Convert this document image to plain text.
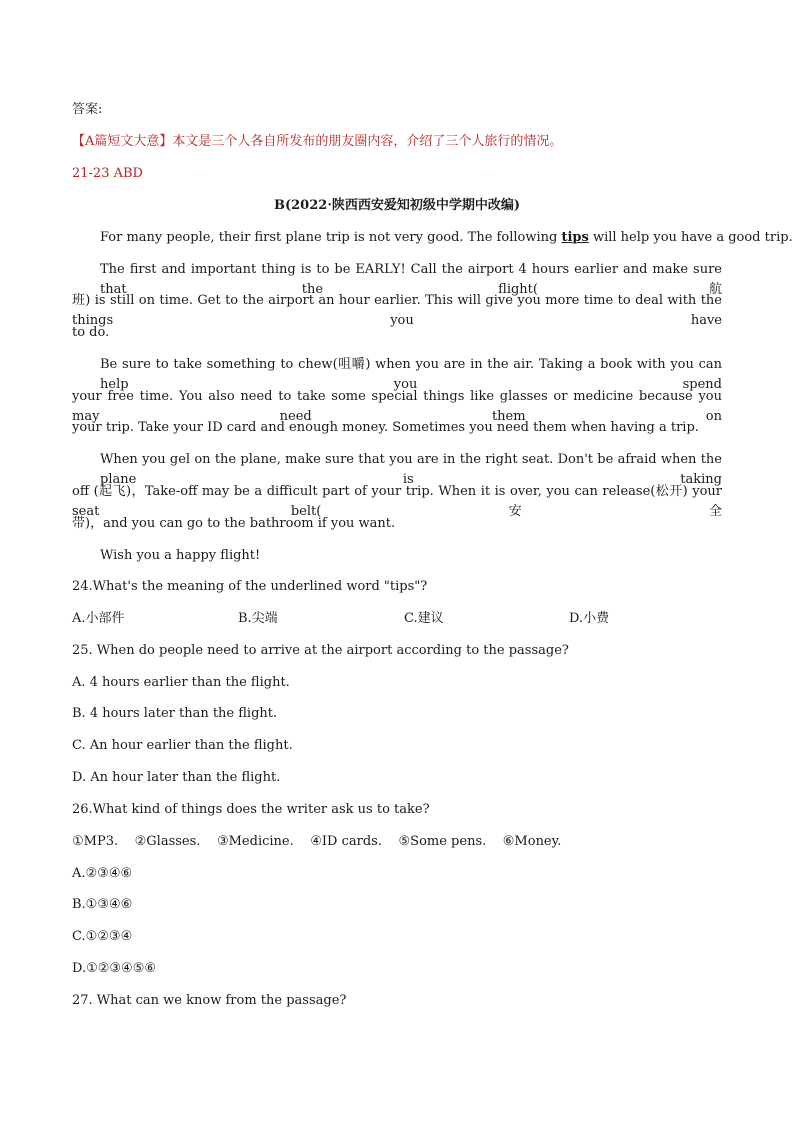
答案:
【A篇短文大意】本文是三个人各自所发布的朋友圈内容，介绍了三个人旅行的情况。
21-23 ABD
B(2022·陕西西安爱知初级中学期中改编)
For many people, their first plane trip is not very good. The following tips will help you have a good trip.
The first and important thing is to be EARLY! Call the airport 4 hours earlier and make sure that the flight(航
班) is still on time. Get to the airport an hour earlier. This will give you more time to deal with the things you have
to do.
Be sure to take something to chew(咀嚼) when you are in the air. Taking a book with you can help you spend
your free time. You also need to take some special things like glasses or medicine because you may need them on
your trip. Take your ID card and enough money. Sometimes you need them when having a trip.
When you gel on the plane, make sure that you are in the right seat. Don't be afraid when the plane is taking
off (起飞)，Take-off may be a difficult part of your trip. When it is over, you can release(松开) your seat belt(安全
带)，and you can go to the bathroom if you want.
Wish you a happy flight!
24.What's the meaning of the underlined word "tips"?
A.小部件	B.尖端	C.建议	D.小费
25. When do people need to arrive at the airport according to the passage?
A. 4 hours earlier than the flight.
B. 4 hours later than the flight.
C. An hour earlier than the flight.
D. An hour later than the flight.
26.What kind of things does the writer ask us to take?
①MP3.    ②Glasses.    ③Medicine.    ④ID cards.    ⑤Some pens.    ⑥Money.
A.②③④⑥
B.①③④⑥
C.①②③④
D.①②③④⑤⑥
27. What can we know from the passage?
